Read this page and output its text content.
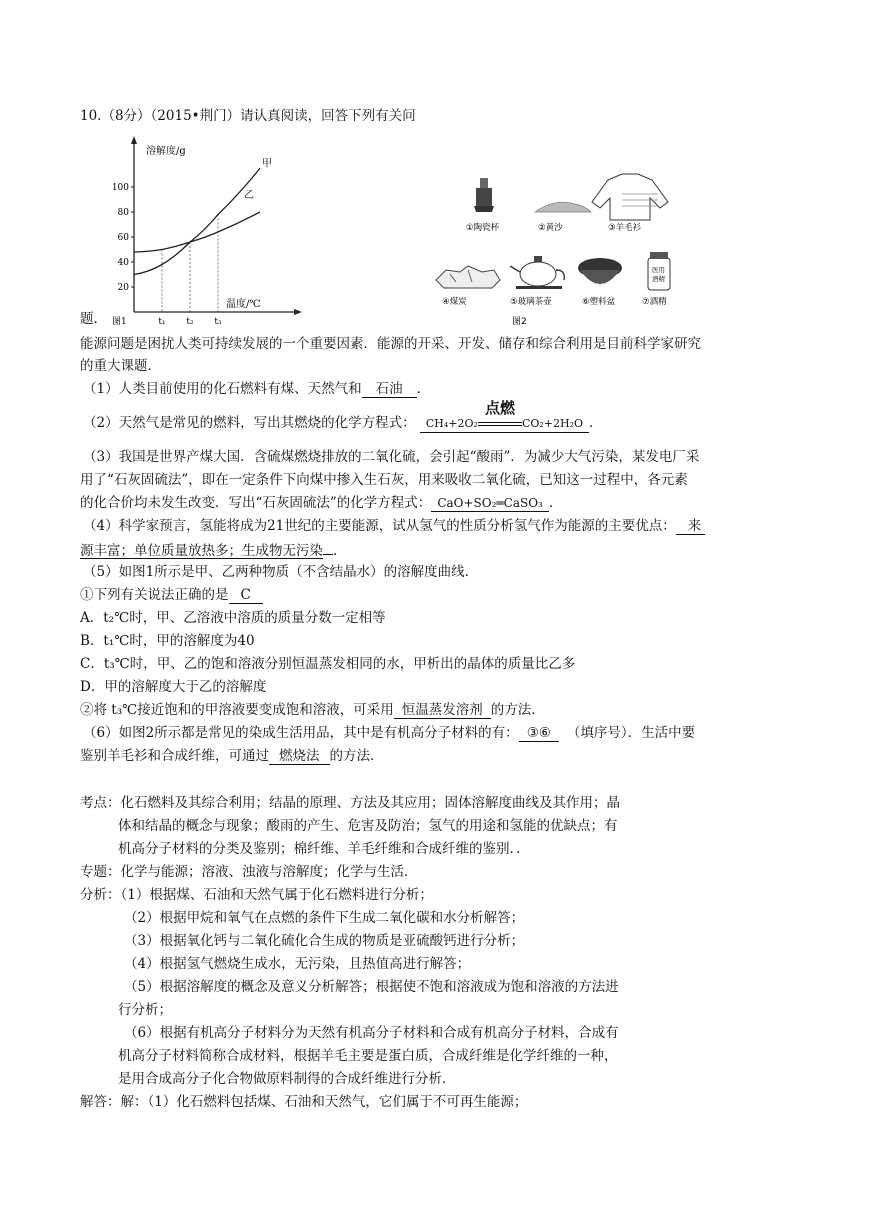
10.（8分）（2015•荆门）请认真阅读，回答下列有关问
溶解度/g
温度/℃
图1
20
40
60
80
100
t₁ t₂ t₃
甲
乙
题.
医用
酒精
①陶瓷杯	②黄沙	③羊毛衫
④煤炭	⑤玻璃茶壶	⑥塑料盆	⑦酒精
图2
能源问题是困扰人类可持续发展的一个重要因素．能源的开采、开发、储存和综合利用是目前科学家研究
的重大课题．
（1）人类目前使用的化石燃料有煤、天然气和 石油 ．
（2）天然气是常见的燃料，写出其燃烧的化学方程式： CH₄+2O₂
点燃
CO₂+2H₂O ．
（3）我国是世界产煤大国．含硫煤燃烧排放的二氧化硫，会引起“酸雨”．为减少大气污染，某发电厂采
用了“石灰固硫法”，即在一定条件下向煤中掺入生石灰，用来吸收二氧化硫，已知这一过程中，各元素
的化合价均未发生改变．写出“石灰固硫法”的化学方程式： CaO+SO₂═CaSO₃ ．
（4）科学家预言，氢能将成为21世纪的主要能源，试从氢气的性质分析氢气作为能源的主要优点： 来
源丰富；单位质量放热多；生成物无污染 ．
（5）如图1所示是甲、乙两种物质（不含结晶水）的溶解度曲线．
①下列有关说法正确的是 C
A．t₂℃时，甲、乙溶液中溶质的质量分数一定相等
B．t₁℃时，甲的溶解度为40
C．t₃℃时，甲、乙的饱和溶液分别恒温蒸发相同的水，甲析出的晶体的质量比乙多
D．甲的溶解度大于乙的溶解度
②将 t₃℃接近饱和的甲溶液要变成饱和溶液，可采用 恒温蒸发溶剂 的方法．
（6）如图2所示都是常见的染成生活用品，其中是有机高分子材料的有： ③⑥ （填序号）．生活中要
鉴别羊毛衫和合成纤维，可通过 燃烧法 的方法．
考点：化石燃料及其综合利用；结晶的原理、方法及其应用；固体溶解度曲线及其作用；晶
体和结晶的概念与现象；酸雨的产生、危害及防治；氢气的用途和氢能的优缺点；有
机高分子材料的分类及鉴别；棉纤维、羊毛纤维和合成纤维的鉴别．．
专题：化学与能源；溶液、浊液与溶解度；化学与生活．
分析：（1）根据煤、石油和天然气属于化石燃料进行分析；
（2）根据甲烷和氧气在点燃的条件下生成二氧化碳和水分析解答；
（3）根据氧化钙与二氧化硫化合生成的物质是亚硫酸钙进行分析；
（4）根据氢气燃烧生成水，无污染，且热值高进行解答；
（5）根据溶解度的概念及意义分析解答；根据使不饱和溶液成为饱和溶液的方法进
行分析；
（6）根据有机高分子材料分为天然有机高分子材料和合成有机高分子材料，合成有
机高分子材料简称合成材料，根据羊毛主要是蛋白质，合成纤维是化学纤维的一种，
是用合成高分子化合物做原料制得的合成纤维进行分析．
解答：解：（1）化石燃料包括煤、石油和天然气，它们属于不可再生能源；
